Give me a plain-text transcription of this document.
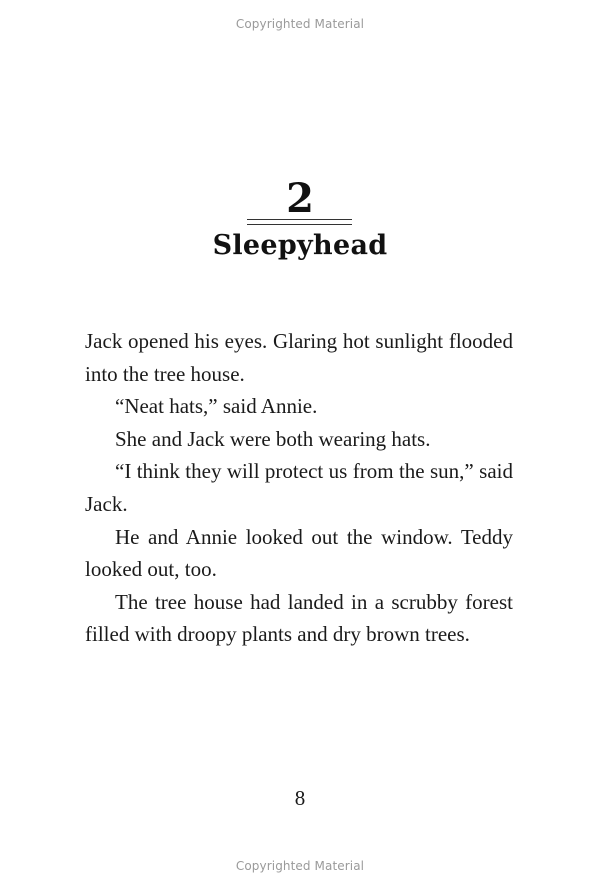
Copyrighted Material
2
Sleepyhead

Jack opened his eyes. Glaring hot sunlight flooded into the tree house.

“Neat hats,” said Annie.

She and Jack were both wearing hats.

“I think they will protect us from the sun,” said Jack.

He and Annie looked out the window. Teddy looked out, too.

The tree house had landed in a scrubby forest filled with droopy plants and dry brown trees.

8
Copyrighted Material
